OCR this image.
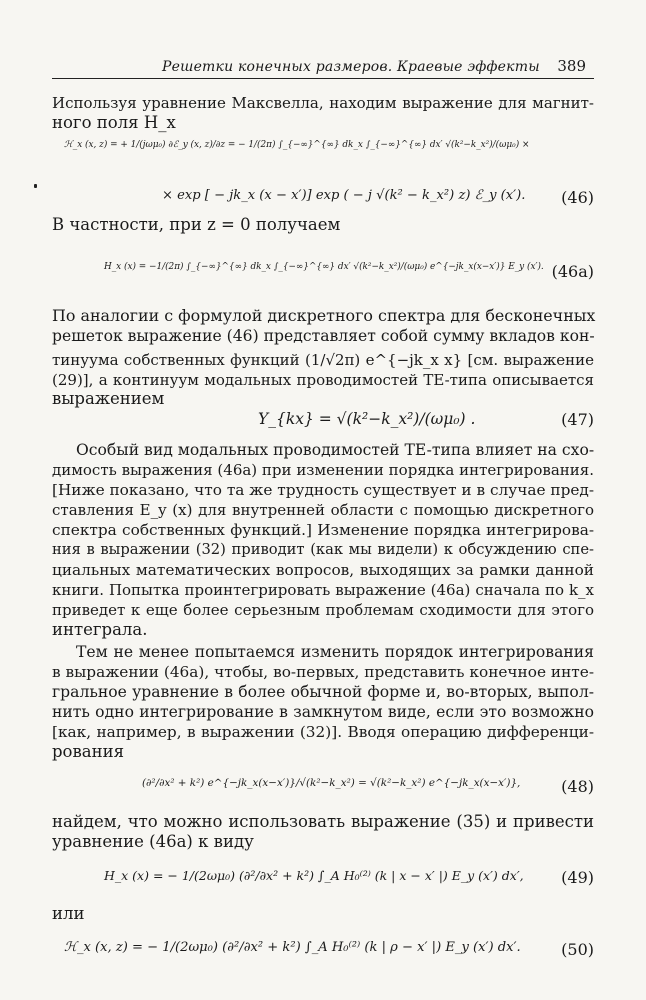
Решетки конечных размеров. Краевые эффекты 389
Используя уравнение Максвелла, находим выражение для магнит-
ного поля H_x
ℋ_x (x, z) = + 1/(jωμ₀) ∂ℰ_y (x, z)/∂z = − 1/(2π) ∫_{−∞}^{∞} dk_x ∫_{−∞}^{∞} dx′ √(k²−k_x²)/(ωμ₀) ×
× exp [ − jk_x (x − x′)] exp ( − j √(k² − k_x²) z) ℰ_y (x′). (46)
В частности, при z = 0 получаем
H_x (x) = −1/(2π) ∫_{−∞}^{∞} dk_x ∫_{−∞}^{∞} dx′ √(k²−k_x²)/(ωμ₀) e^{−jk_x(x−x′)} E_y (x′). (46a)
По аналогии с формулой дискретного спектра для бесконечных
решеток выражение (46) представляет собой сумму вкладов кон-
тинуума собственных функций (1/√2π) e^{−jk_x x} [см. выражение
(29)], а континуум модальных проводимостей TE-типа описывается
выражением
Y_{kx} = √(k²−k_x²)/(ωμ₀) .	(47)
Особый вид модальных проводимостей TE-типа влияет на схо-
димость выражения (46a) при изменении порядка интегрирования.
[Ниже показано, что та же трудность существует и в случае пред-
ставления E_y (x) для внутренней области с помощью дискретного
спектра собственных функций.] Изменение порядка интегрирова-
ния в выражении (32) приводит (как мы видели) к обсуждению спе-
циальных математических вопросов, выходящих за рамки данной
книги. Попытка проинтегрировать выражение (46a) сначала по k_x
приведет к еще более серьезным проблемам сходимости для этого
интеграла.
Тем не менее попытаемся изменить порядок интегрирования
в выражении (46a), чтобы, во-первых, представить конечное инте-
гральное уравнение в более обычной форме и, во-вторых, выпол-
нить одно интегрирование в замкнутом виде, если это возможно
[как, например, в выражении (32)]. Вводя операцию дифференци-
рования
(∂²/∂x² + k²) e^{−jk_x(x−x′)}/√(k²−k_x²) = √(k²−k_x²) e^{−jk_x(x−x′)},	(48)
найдем, что можно использовать выражение (35) и привести
уравнение (46a) к виду
H_x (x) = − 1/(2ωμ₀) (∂²/∂x² + k²) ∫_A H₀⁽²⁾ (k | x − x′ |) E_y (x′) dx′, (49)
или
ℋ_x (x, z) = − 1/(2ωμ₀) (∂²/∂x² + k²) ∫_A H₀⁽²⁾ (k | ρ − x′ |) E_y (x′) dx′.	(50)
